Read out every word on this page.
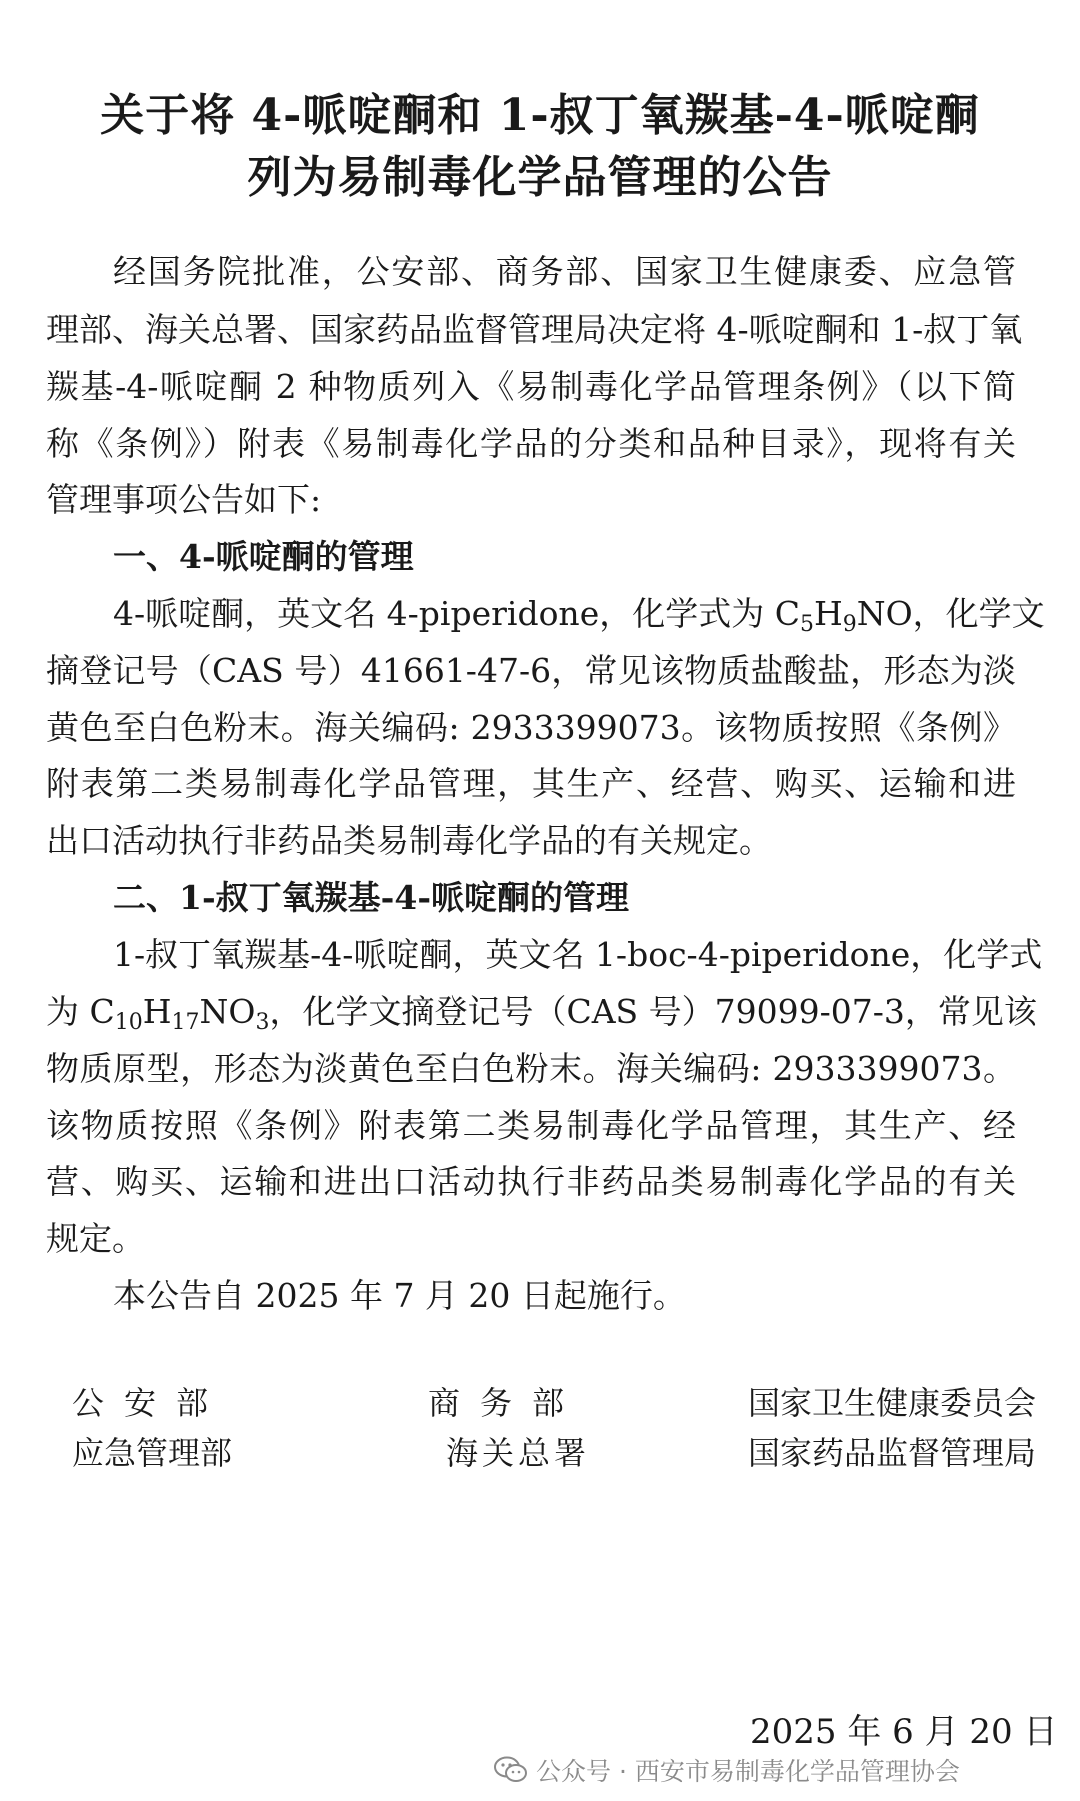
关于将 4-哌啶酮和 1-叔丁氧羰基-4-哌啶酮
列为易制毒化学品管理的公告

经国务院批准，公安部、商务部、国家卫生健康委、应急管

理部、海关总署、国家药品监督管理局决定将 4-哌啶酮和 1-叔丁氧

羰基-4-哌啶酮 2 种物质列入《易制毒化学品管理条例》（以下简

称《条例》）附表《易制毒化学品的分类和品种目录》，现将有关

管理事项公告如下:

一、4-哌啶酮的管理

4-哌啶酮，英文名 4-piperidone，化学式为 $C_5H_9NO$，化学文

摘登记号（CAS 号）41661-47-6，常见该物质盐酸盐，形态为淡

黄色至白色粉末。海关编码: 2933399073。该物质按照《条例》

附表第二类易制毒化学品管理，其生产、经营、购买、运输和进

出口活动执行非药品类易制毒化学品的有关规定。

二、1-叔丁氧羰基-4-哌啶酮的管理

1-叔丁氧羰基-4-哌啶酮，英文名 1-boc-4-piperidone，化学式

为 $C_{10}H_{17}NO_3$，化学文摘登记号（CAS 号）79099-07-3，常见该

物质原型，形态为淡黄色至白色粉末。海关编码: 2933399073。

该物质按照《条例》附表第二类易制毒化学品管理，其生产、经

营、购买、运输和进出口活动执行非药品类易制毒化学品的有关

规定。

本公告自 2025 年 7 月 20 日起施行。

公安部	商务部	国家卫生健康委员会
应急管理部	海关总署	国家药品监督管理局
2025 年 6 月 20 日
公众号 · 西安市易制毒化学品管理协会
